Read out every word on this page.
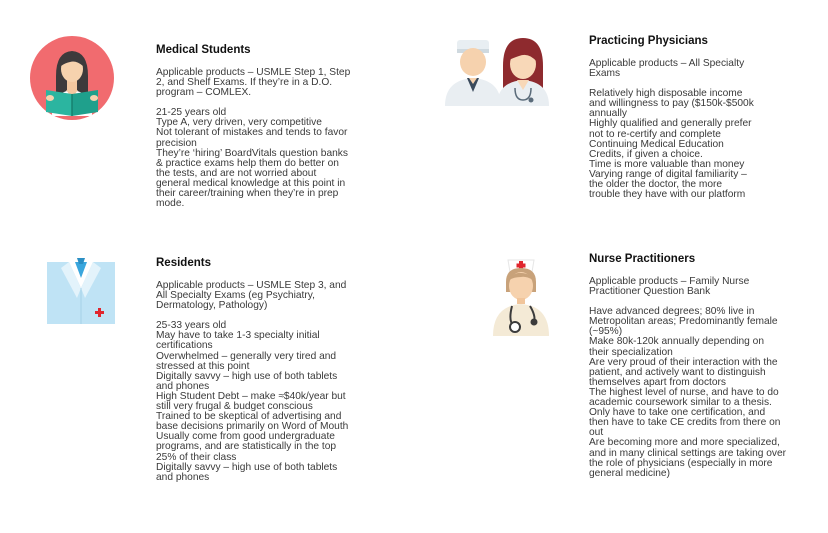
Medical Students
Applicable products – USMLE Step 1, Step
2, and Shelf Exams. If they’re in a D.O.
program – COMLEX.
21-25 years old
Type A, very driven, very competitive
Not tolerant of mistakes and tends to favor
precision
They’re ‘hiring’ BoardVitals question banks
& practice exams help them do better on
the tests, and are not worried about
general medical knowledge at this point in
their career/training when they’re in prep
mode.
Practicing Physicians
Applicable products – All Specialty
Exams
Relatively high disposable income
and willingness to pay ($150k-$500k
annually
Highly qualified and generally prefer
not to re-certify and complete
Continuing Medical Education
Credits, if given a choice.
Time is more valuable than money
Varying range of digital familiarity –
the older the doctor, the more
trouble they have with our platform
Residents
Applicable products – USMLE Step 3, and
All Specialty Exams (eg Psychiatry,
Dermatology, Pathology)
25-33 years old
May have to take 1-3 specialty initial
certifications
Overwhelmed – generally very tired and
stressed at this point
Digitally savvy – high use of both tablets
and phones
High Student Debt – make ≈$40k/year but
still very frugal & budget conscious
Trained to be skeptical of advertising and
base decisions primarily on Word of Mouth
Usually come from good undergraduate
programs, and are statistically in the top
25% of their class
Digitally savvy – high use of both tablets
and phones
Nurse Practitioners
Applicable products – Family Nurse
Practitioner Question Bank
Have advanced degrees; 80% live in
Metropolitan areas; Predominantly female
(~95%)
Make 80k-120k annually depending on
their specialization
Are very proud of their interaction with the
patient, and actively want to distinguish
themselves apart from doctors
The highest level of nurse, and have to do
academic coursework similar to a thesis.
Only have to take one certification, and
then have to take CE credits from there on
out
Are becoming more and more specialized,
and in many clinical settings are taking over
the role of physicians (especially in more
general medicine)
